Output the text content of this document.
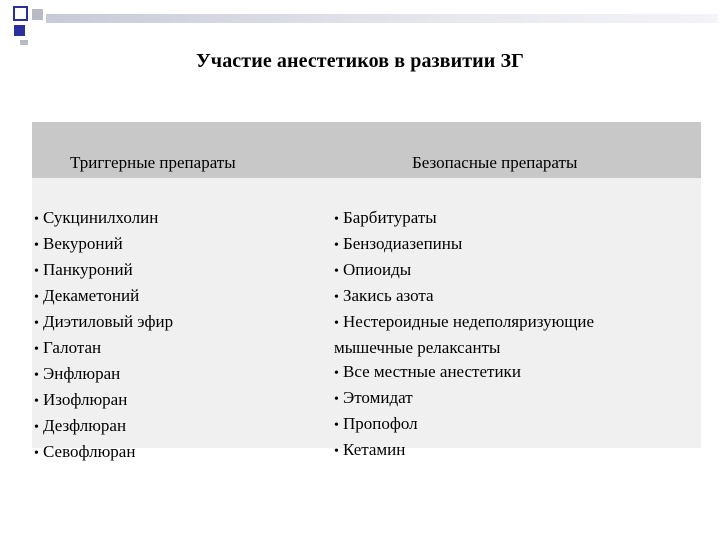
Участие анестетиков в развитии ЗГ
Триггерные препараты	Безопасные препараты
• Сукцинилхолин
• Векуроний
• Панкуроний
• Декаметоний
• Диэтиловый эфир
• Галотан
• Энфлюран
• Изофлюран
• Дезфлюран
• Севофлюран
• Барбитураты
• Бензодиазепины
• Опиоиды
• Закись азота
• Нестероидные недеполяризующие
мышечные релаксанты
• Все местные анестетики
• Этомидат
• Пропофол
• Кетамин
